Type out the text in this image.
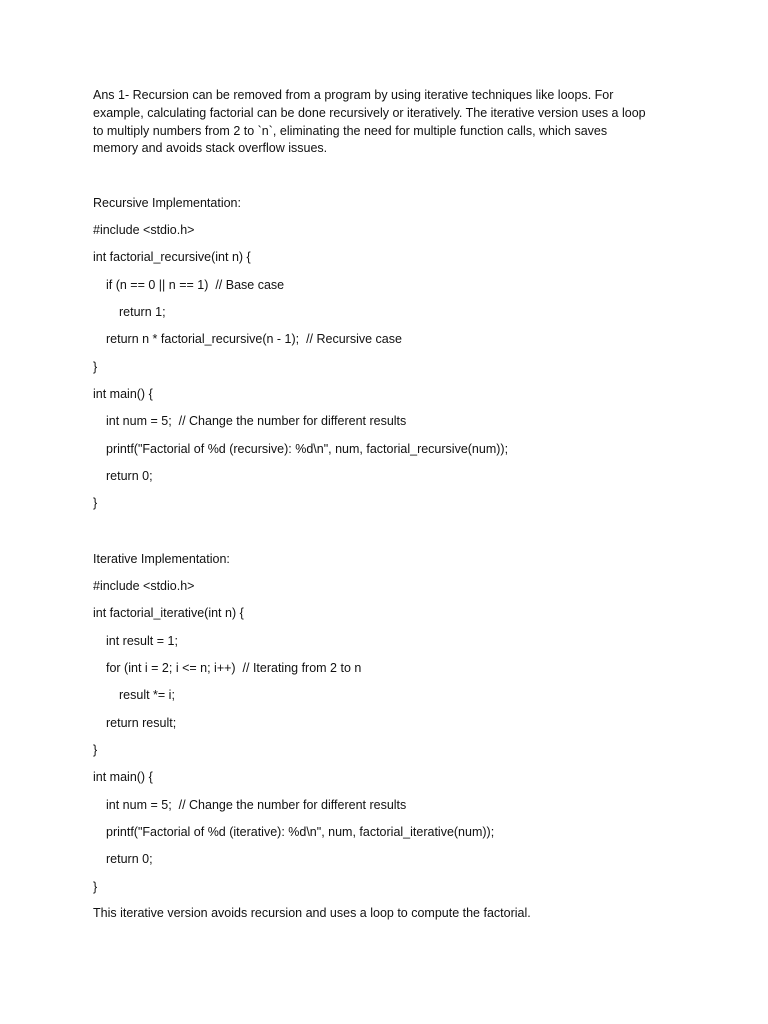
Ans 1- Recursion can be removed from a program by using iterative techniques like loops. For
example, calculating factorial can be done recursively or iteratively. The iterative version uses a loop
to multiply numbers from 2 to `n`, eliminating the need for multiple function calls, which saves
memory and avoids stack overflow issues.

Recursive Implementation:

#include <stdio.h>
int factorial_recursive(int n) {
if (n == 0 || n == 1)  // Base case
return 1;
return n * factorial_recursive(n - 1);  // Recursive case
}
int main() {
int num = 5;  // Change the number for different results
printf("Factorial of %d (recursive): %d\n", num, factorial_recursive(num));
return 0;
}

Iterative Implementation:

#include <stdio.h>
int factorial_iterative(int n) {
int result = 1;
for (int i = 2; i <= n; i++)  // Iterating from 2 to n
result *= i;
return result;
}
int main() {
int num = 5;  // Change the number for different results
printf("Factorial of %d (iterative): %d\n", num, factorial_iterative(num));
return 0;
}

This iterative version avoids recursion and uses a loop to compute the factorial.
